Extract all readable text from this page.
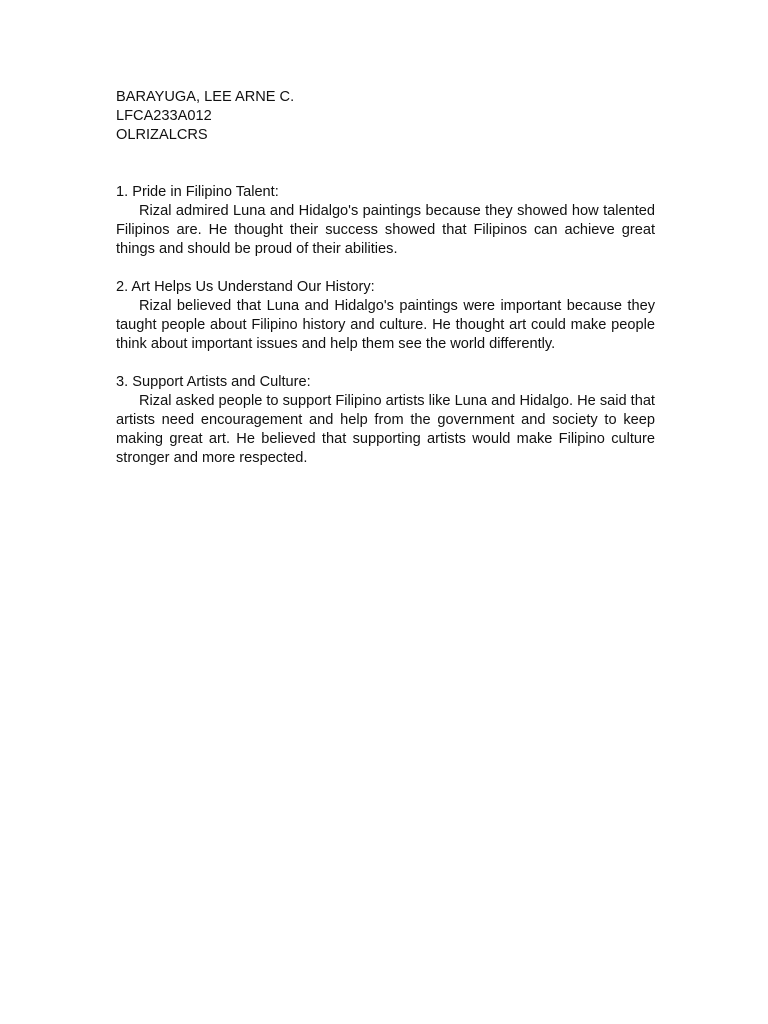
BARAYUGA, LEE ARNE C.
LFCA233A012
OLRIZALCRS
1. Pride in Filipino Talent:
Rizal admired Luna and Hidalgo's paintings because they showed how talented Filipinos are. He thought their success showed that Filipinos can achieve great things and should be proud of their abilities.
2. Art Helps Us Understand Our History:
Rizal believed that Luna and Hidalgo's paintings were important because they taught people about Filipino history and culture. He thought art could make people think about important issues and help them see the world differently.
3. Support Artists and Culture:
Rizal asked people to support Filipino artists like Luna and Hidalgo. He said that artists need encouragement and help from the government and society to keep making great art. He believed that supporting artists would make Filipino culture stronger and more respected.
